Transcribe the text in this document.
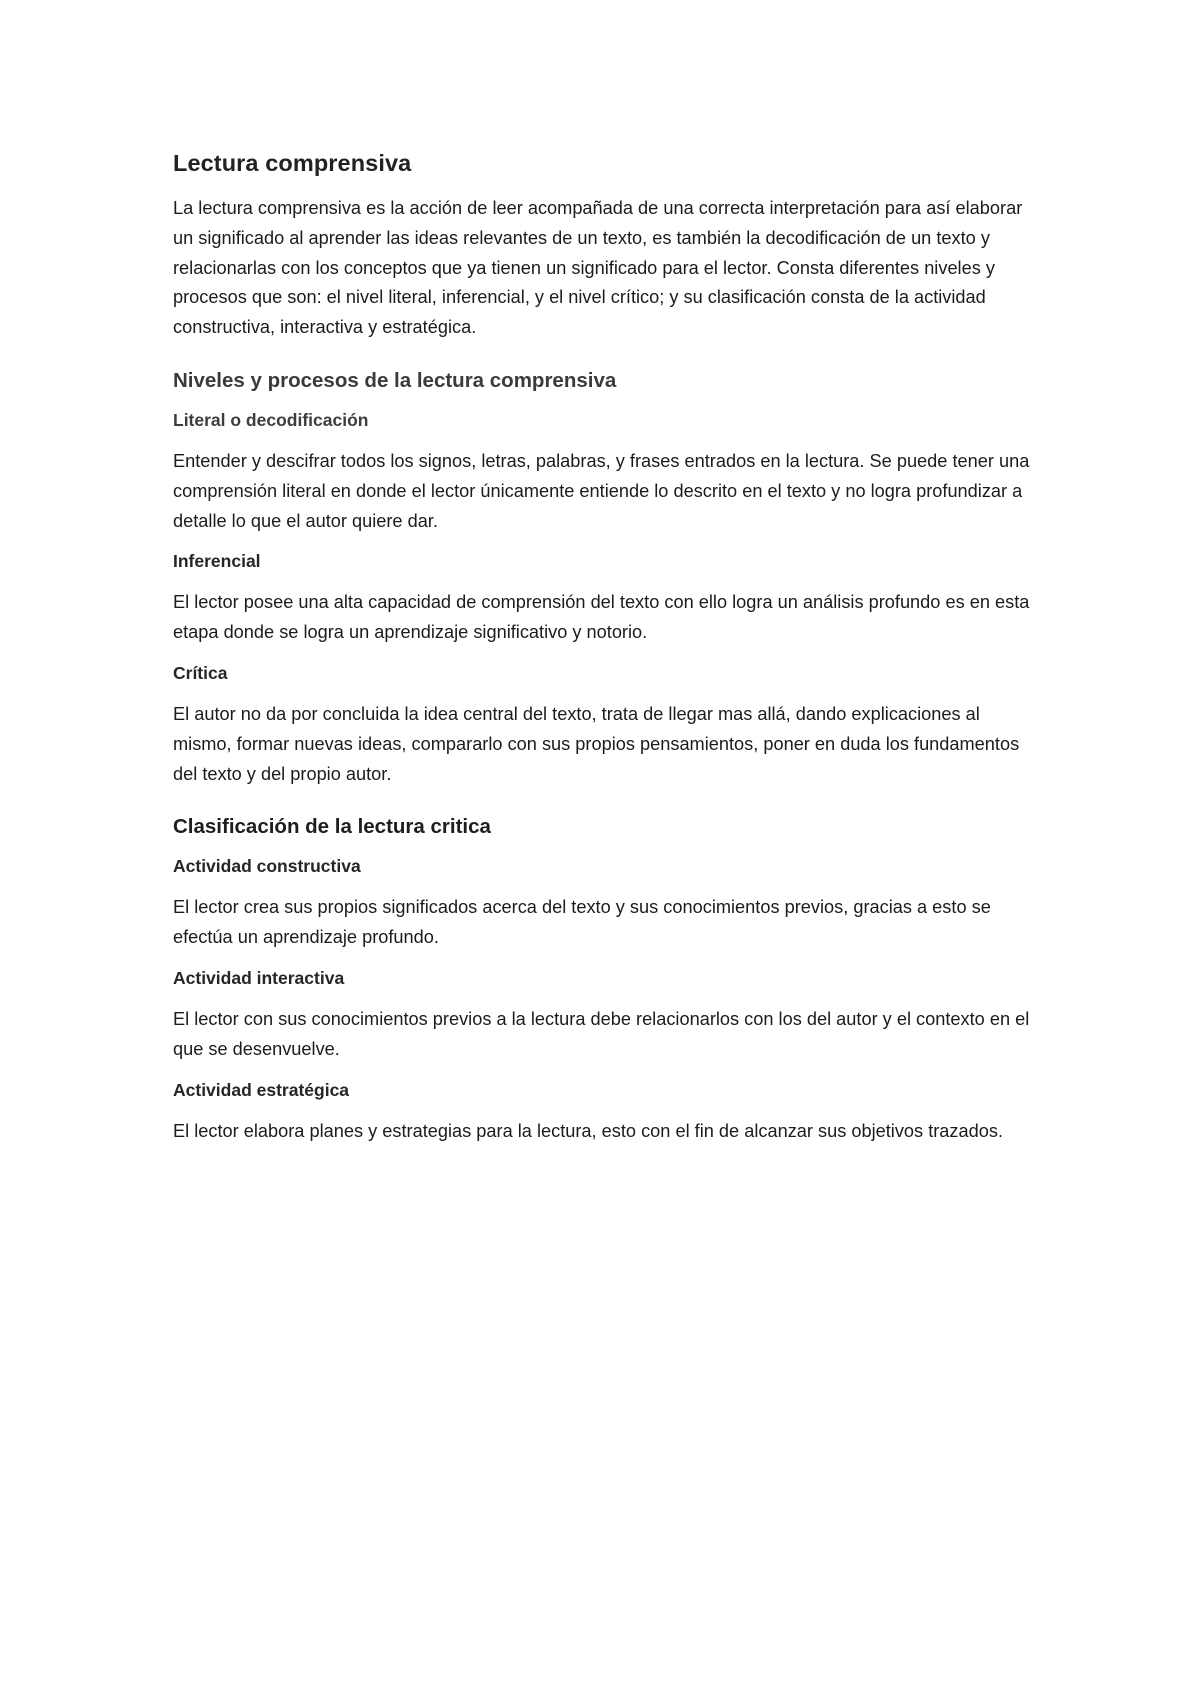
Lectura comprensiva

La lectura comprensiva es la acción de leer acompañada de una correcta interpretación para así elaborar un significado al aprender las ideas relevantes de un texto, es también la decodificación de un texto y relacionarlas con los conceptos que ya tienen un significado para el lector. Consta diferentes niveles y procesos que son: el nivel literal, inferencial, y el nivel crítico; y su clasificación consta de la actividad constructiva, interactiva y estratégica.

Niveles y procesos de la lectura comprensiva
Literal o decodificación

Entender y descifrar todos los signos, letras, palabras, y frases entrados en la lectura. Se puede tener una comprensión literal en donde el lector únicamente entiende lo descrito en el texto y no logra profundizar a detalle lo que el autor quiere dar.

Inferencial

El lector posee una alta capacidad de comprensión del texto con ello logra un análisis profundo es en esta etapa donde se logra un aprendizaje significativo y notorio.

Crítica

El autor no da por concluida la idea central del texto, trata de llegar mas allá, dando explicaciones al mismo, formar nuevas ideas, compararlo con sus propios pensamientos, poner en duda los fundamentos del texto y del propio autor.

Clasificación de la lectura critica
Actividad constructiva

El lector crea sus propios significados acerca del texto y sus conocimientos previos, gracias a esto se efectúa un aprendizaje profundo.

Actividad interactiva

El lector con sus conocimientos previos a la lectura debe relacionarlos con los del autor y el contexto en el que se desenvuelve.

Actividad estratégica

El lector elabora planes y estrategias para la lectura, esto con el fin de alcanzar sus objetivos trazados.
